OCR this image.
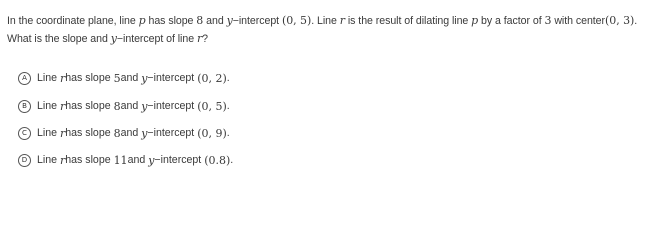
In the coordinate plane, line p has slope 8 and y−intercept (0, 5). Line r is the result of dilating line p by a factor of 3 with center(0, 3). What is the slope and y−intercept of line r?
A Line
r has slope
5 and
y −intercept
(0, 2) .
B Line
r has slope
8 and
y −intercept
(0, 5) .
C Line
r has slope
8 and
y −intercept
(0, 9) .
D Line
r has slope
11 and
y −intercept
(0.8) .
